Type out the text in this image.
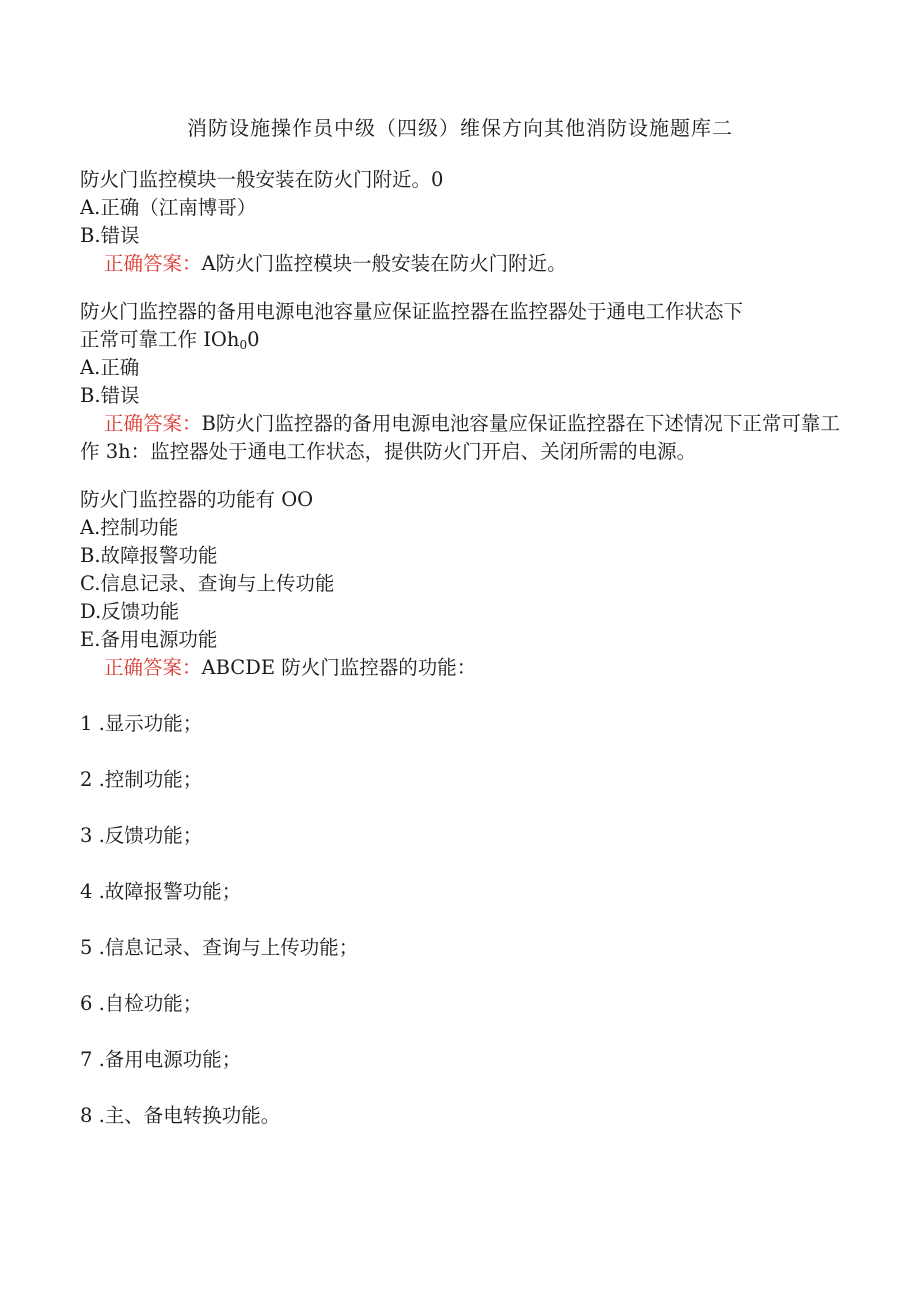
消防设施操作员中级（四级）维保方向其他消防设施题库二

防火门监控模块一般安装在防火门附近。0

A.正确（江南博哥）

B.错误

正确答案：A防火门监控模块一般安装在防火门附近。

防火门监控器的备用电源电池容量应保证监控器在监控器处于通电工作状态下

正常可靠工作 IOh$_0$0

A.正确

B.错误

正确答案：B防火门监控器的备用电源电池容量应保证监控器在下述情况下正常可靠工作 3h：监控器处于通电工作状态，提供防火门开启、关闭所需的电源。

防火门监控器的功能有 OO

A.控制功能

B.故障报警功能

C.信息记录、查询与上传功能

D.反馈功能

E.备用电源功能

正确答案：ABCDE 防火门监控器的功能：

1 .显示功能；

2 .控制功能；

3 .反馈功能；

4 .故障报警功能；

5 .信息记录、查询与上传功能；

6 .自检功能；

7 .备用电源功能；

8 .主、备电转换功能。
